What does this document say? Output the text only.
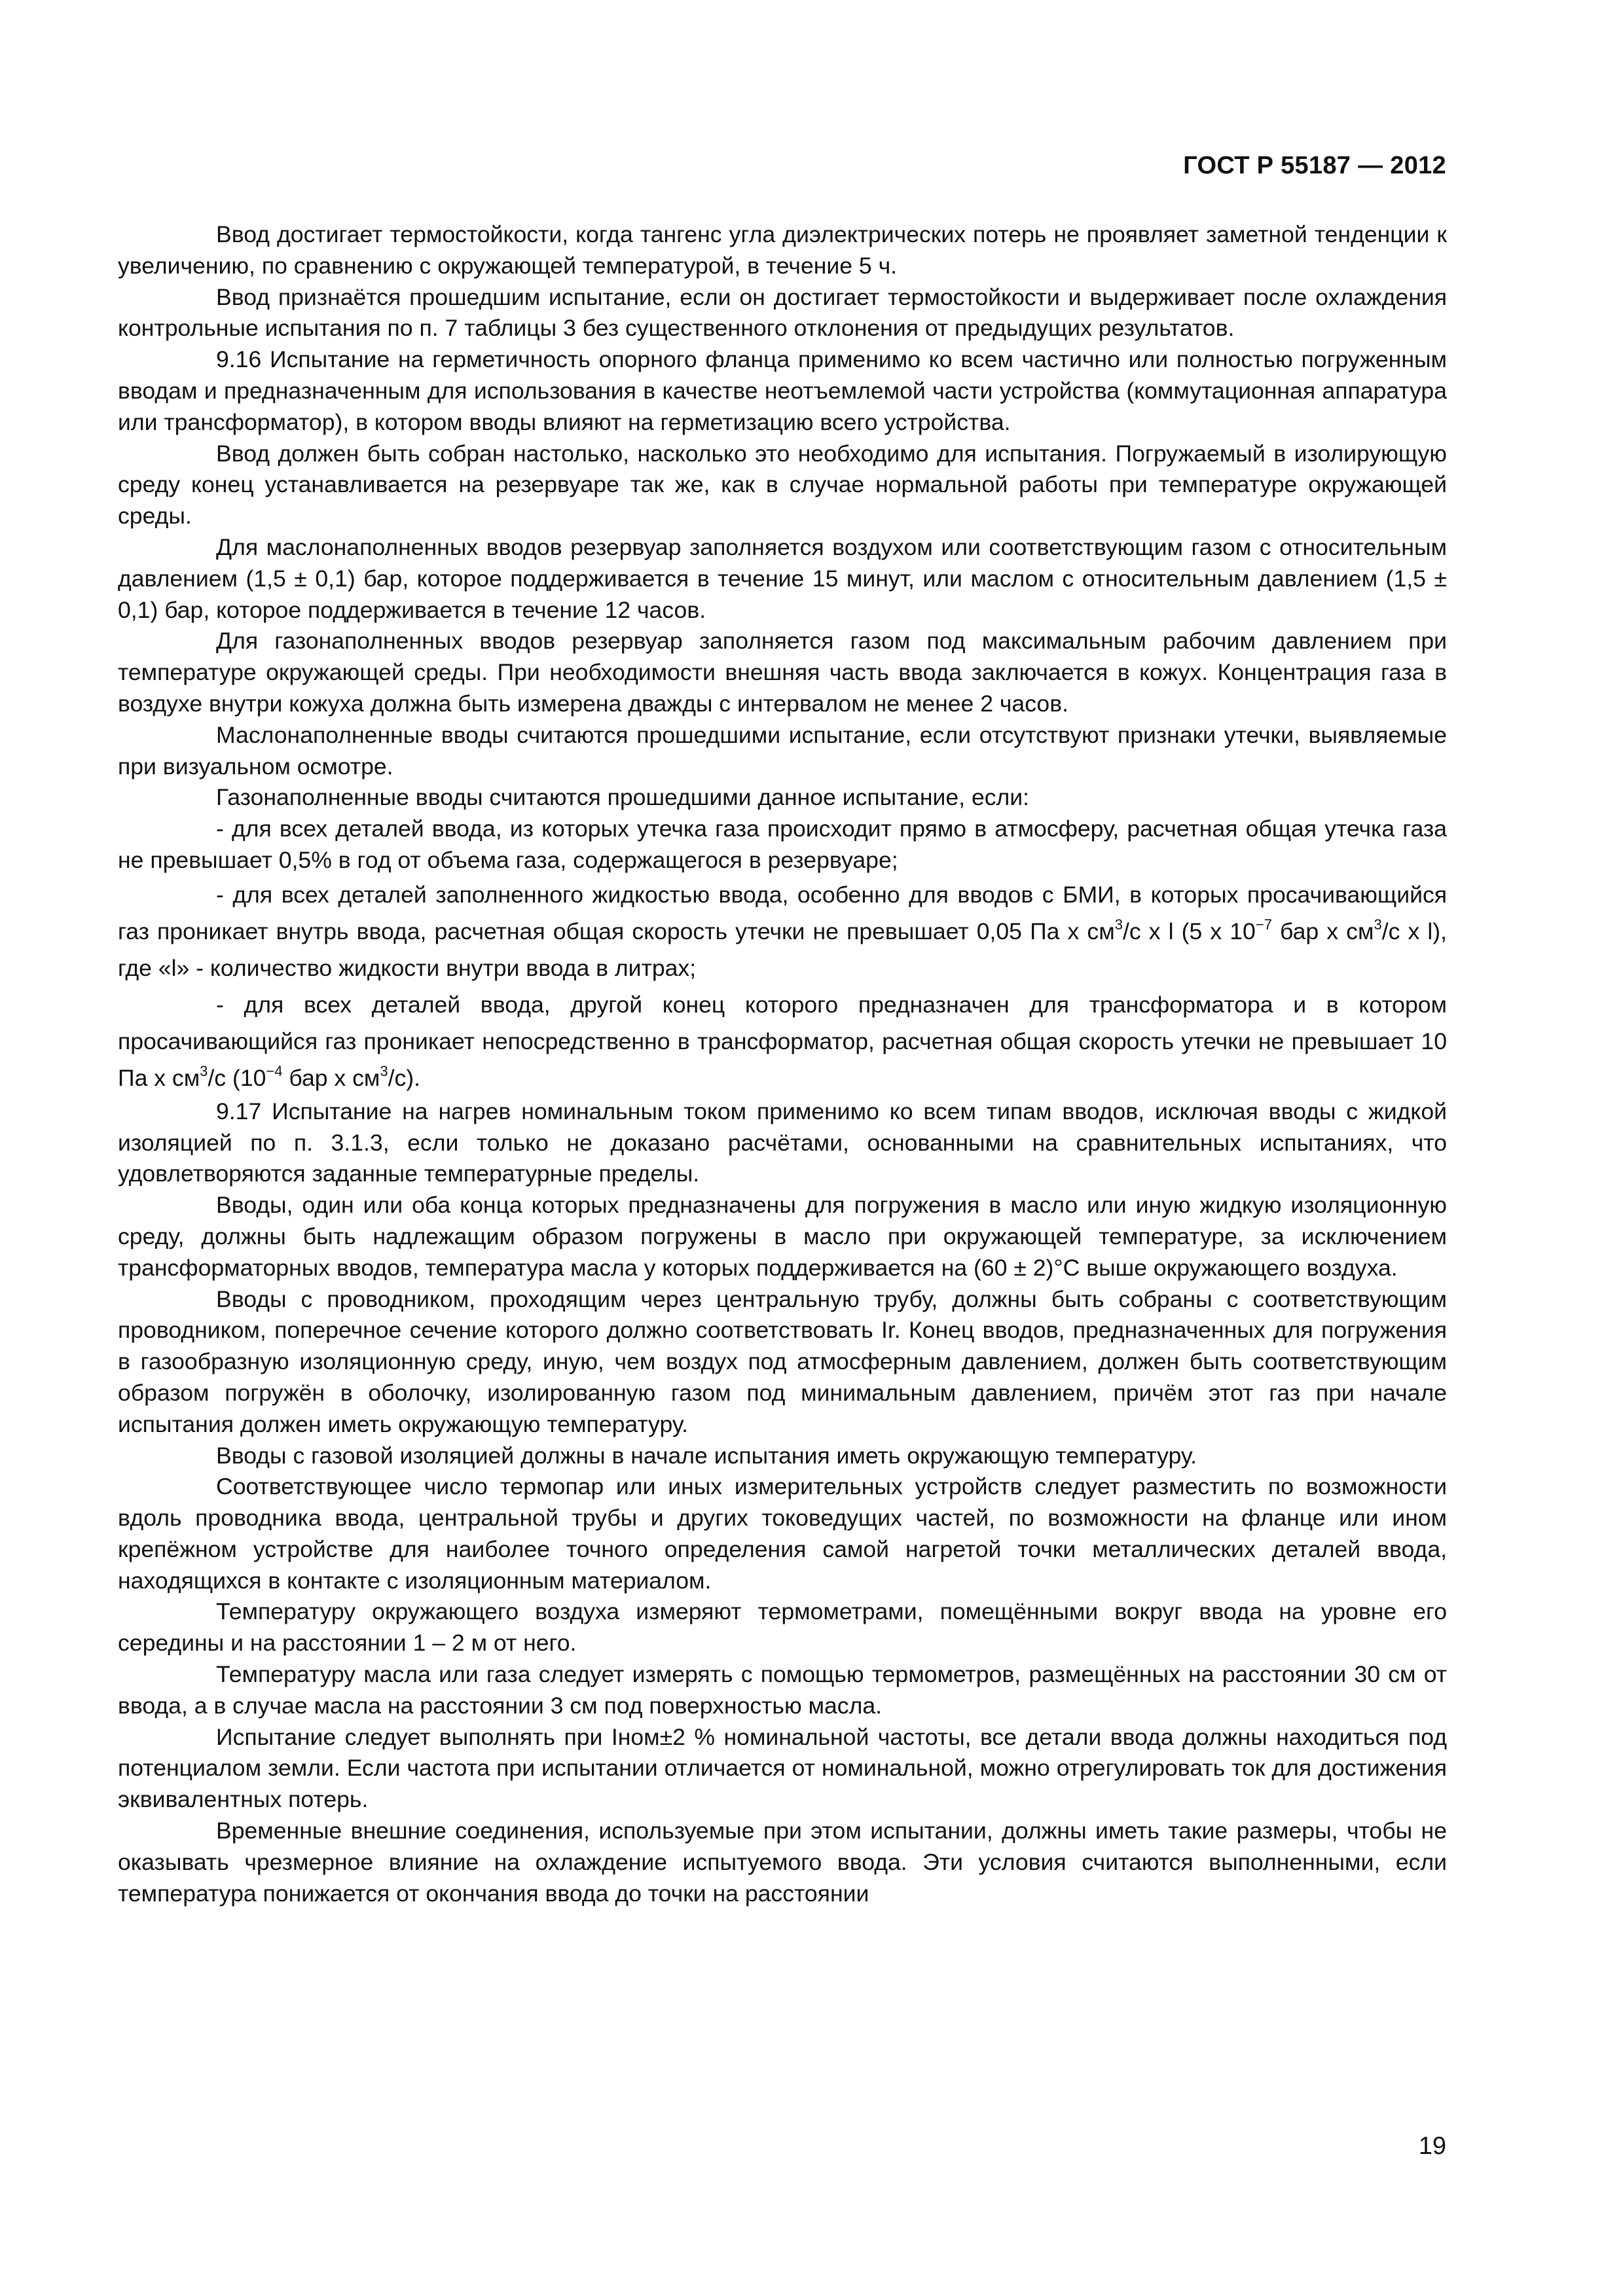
ГОСТ Р 55187 — 2012

Ввод достигает термостойкости, когда тангенс угла диэлектрических потерь не проявляет заметной тенденции к увеличению, по сравнению с окружающей температурой, в течение 5 ч.

Ввод признаётся прошедшим испытание, если он достигает термостойкости и выдерживает после охлаждения контрольные испытания по п. 7 таблицы 3 без существенного отклонения от предыдущих результатов.

9.16 Испытание на герметичность опорного фланца применимо ко всем частично или полностью погруженным вводам и предназначенным для использования в качестве неотъемлемой части устройства (коммутационная аппаратура или трансформатор), в котором вводы влияют на герметизацию всего устройства.

Ввод должен быть собран настолько, насколько это необходимо для испытания. Погружаемый в изолирующую среду конец устанавливается на резервуаре так же, как в случае нормальной работы при температуре окружающей среды.

Для маслонаполненных вводов резервуар заполняется воздухом или соответствующим газом с относительным давлением (1,5 ± 0,1) бар, которое поддерживается в течение 15 минут, или маслом с относительным давлением (1,5 ± 0,1) бар, которое поддерживается в течение 12 часов.

Для газонаполненных вводов резервуар заполняется газом под максимальным рабочим давлением при температуре окружающей среды. При необходимости внешняя часть ввода заключается в кожух. Концентрация газа в воздухе внутри кожуха должна быть измерена дважды с интервалом не менее 2 часов.

Маслонаполненные вводы считаются прошедшими испытание, если отсутствуют признаки утечки, выявляемые при визуальном осмотре.

Газонаполненные вводы считаются прошедшими данное испытание, если:

- для всех деталей ввода, из которых утечка газа происходит прямо в атмосферу, расчетная общая утечка газа не превышает 0,5% в год от объема газа, содержащегося в резервуаре;

- для всех деталей заполненного жидкостью ввода, особенно для вводов с БМИ, в которых просачивающийся газ проникает внутрь ввода, расчетная общая скорость утечки не превышает 0,05 Па х $см^3/с$ х l (5 х $10^{-7}$ бар х $см^3/с$ х l), где «l» - количество жидкости внутри ввода в литрах;

- для всех деталей ввода, другой конец которого предназначен для трансформатора и в котором просачивающийся газ проникает непосредственно в трансформатор, расчетная общая скорость утечки не превышает 10 Па х $см^3/с$ ($10^{-4}$ бар х $см^3/с$).

9.17 Испытание на нагрев номинальным током применимо ко всем типам вводов, исключая вводы с жидкой изоляцией по п. 3.1.3, если только не доказано расчётами, основанными на сравнительных испытаниях, что удовлетворяются заданные температурные пределы.

Вводы, один или оба конца которых предназначены для погружения в масло или иную жидкую изоляционную среду, должны быть надлежащим образом погружены в масло при окружающей температуре, за исключением трансформаторных вводов, температура масла у которых поддерживается на (60 ± 2)°C выше окружающего воздуха.

Вводы с проводником, проходящим через центральную трубу, должны быть собраны с соответствующим проводником, поперечное сечение которого должно соответствовать Ir. Конец вводов, предназначенных для погружения в газообразную изоляционную среду, иную, чем воздух под атмосферным давлением, должен быть соответствующим образом погружён в оболочку, изолированную газом под минимальным давлением, причём этот газ при начале испытания должен иметь окружающую температуру.

Вводы с газовой изоляцией должны в начале испытания иметь окружающую температуру.

Соответствующее число термопар или иных измерительных устройств следует разместить по возможности вдоль проводника ввода, центральной трубы и других токоведущих частей, по возможности на фланце или ином крепёжном устройстве для наиболее точного определения самой нагретой точки металлических деталей ввода, находящихся в контакте с изоляционным материалом.

Температуру окружающего воздуха измеряют термометрами, помещёнными вокруг ввода на уровне его середины и на расстоянии 1 – 2 м от него.

Температуру масла или газа следует измерять с помощью термометров, размещённых на расстоянии 30 см от ввода, а в случае масла на расстоянии 3 см под поверхностью масла.

Испытание следует выполнять при Iном±2 % номинальной частоты, все детали ввода должны находиться под потенциалом земли. Если частота при испытании отличается от номинальной, можно отрегулировать ток для достижения эквивалентных потерь.

Временные внешние соединения, используемые при этом испытании, должны иметь такие размеры, чтобы не оказывать чрезмерное влияние на охлаждение испытуемого ввода. Эти условия считаются выполненными, если температура понижается от окончания ввода до точки на расстоянии

19
